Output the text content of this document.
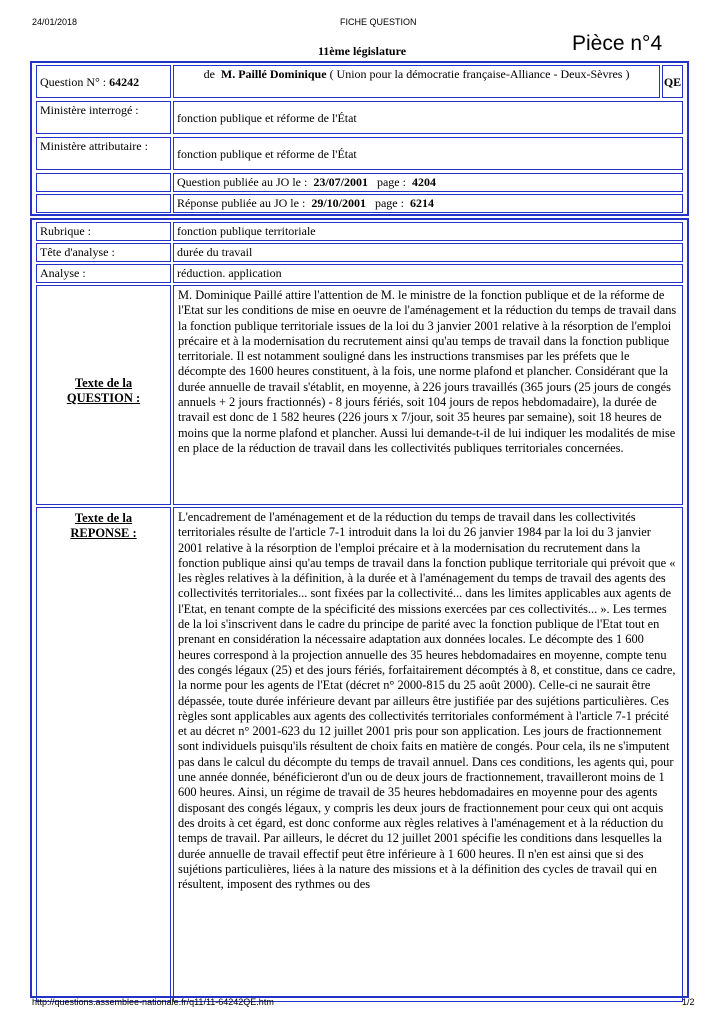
24/01/2018	FICHE QUESTION
11ème législature	Pièce n°4
Question N° : 64242
de M. Paillé Dominique ( Union pour la démocratie française-Alliance - Deux-Sèvres )
QE
Ministère interrogé :
fonction publique et réforme de l'État
Ministère attributaire :
fonction publique et réforme de l'État
Question publiée au JO le : 23/07/2001 page : 4204
Réponse publiée au JO le : 29/10/2001 page : 6214
Rubrique :	fonction publique territoriale
Tête d'analyse :	durée du travail
Analyse :	réduction. application
Texte de la
QUESTION :
M. Dominique Paillé attire l'attention de M. le ministre de la fonction publique et de la réforme de l'Etat sur les conditions de mise en oeuvre de l'aménagement et la réduction du temps de travail dans la fonction publique territoriale issues de la loi du 3 janvier 2001 relative à la résorption de l'emploi précaire et à la modernisation du recrutement ainsi qu'au temps de travail dans la fonction publique territoriale. Il est notamment souligné dans les instructions transmises par les préfets que le décompte des 1600 heures constituent, à la fois, une norme plafond et plancher. Considérant que la durée annuelle de travail s'établit, en moyenne, à 226 jours travaillés (365 jours (25 jours de congés annuels + 2 jours fractionnés) - 8 jours fériés, soit 104 jours de repos hebdomadaire), la durée de travail est donc de 1 582 heures (226 jours x 7/jour, soit 35 heures par semaine), soit 18 heures de moins que la norme plafond et plancher. Aussi lui demande-t-il de lui indiquer les modalités de mise en place de la réduction de travail dans les collectivités publiques territoriales concernées.
Texte de la
REPONSE :
L'encadrement de l'aménagement et de la réduction du temps de travail dans les collectivités territoriales résulte de l'article 7-1 introduit dans la loi du 26 janvier 1984 par la loi du 3 janvier 2001 relative à la résorption de l'emploi précaire et à la modernisation du recrutement dans la fonction publique ainsi qu'au temps de travail dans la fonction publique territoriale qui prévoit que « les règles relatives à la définition, à la durée et à l'aménagement du temps de travail des agents des collectivités territoriales... sont fixées par la collectivité... dans les limites applicables aux agents de l'Etat, en tenant compte de la spécificité des missions exercées par ces collectivités... ». Les termes de la loi s'inscrivent dans le cadre du principe de parité avec la fonction publique de l'Etat tout en prenant en considération la nécessaire adaptation aux données locales. Le décompte des 1 600 heures correspond à la projection annuelle des 35 heures hebdomadaires en moyenne, compte tenu des congés légaux (25) et des jours fériés, forfaitairement décomptés à 8, et constitue, dans ce cadre, la norme pour les agents de l'Etat (décret n° 2000-815 du 25 août 2000). Celle-ci ne saurait être dépassée, toute durée inférieure devant par ailleurs être justifiée par des sujétions particulières. Ces règles sont applicables aux agents des collectivités territoriales conformément à l'article 7-1 précité et au décret n° 2001-623 du 12 juillet 2001 pris pour son application. Les jours de fractionnement sont individuels puisqu'ils résultent de choix faits en matière de congés. Pour cela, ils ne s'imputent pas dans le calcul du décompte du temps de travail annuel. Dans ces conditions, les agents qui, pour une année donnée, bénéficieront d'un ou de deux jours de fractionnement, travailleront moins de 1 600 heures. Ainsi, un régime de travail de 35 heures hebdomadaires en moyenne pour des agents disposant des congés légaux, y compris les deux jours de fractionnement pour ceux qui ont acquis des droits à cet égard, est donc conforme aux règles relatives à l'aménagement et à la réduction du temps de travail. Par ailleurs, le décret du 12 juillet 2001 spécifie les conditions dans lesquelles la durée annuelle de travail effectif peut être inférieure à 1 600 heures. Il n'en est ainsi que si des sujétions particulières, liées à la nature des missions et à la définition des cycles de travail qui en résultent, imposent des rythmes ou des
http://questions.assemblee-nationale.fr/q11/11-64242QE.htm	1/2
